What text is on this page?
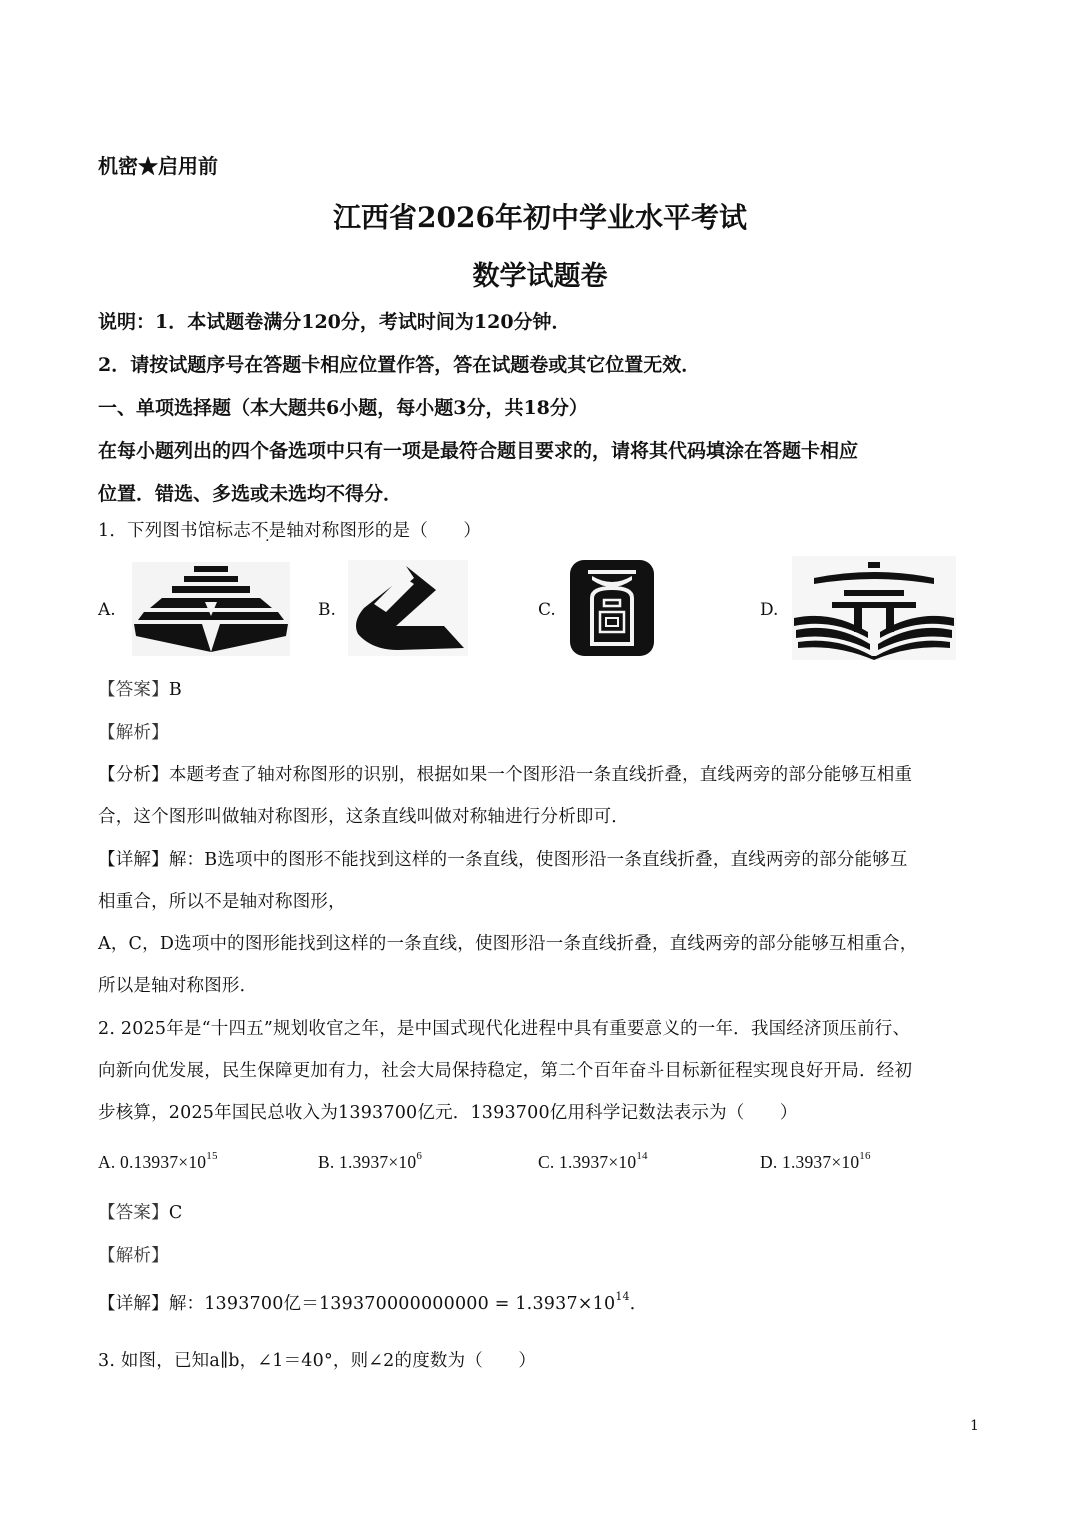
机密★启用前
江西省2026年初中学业水平考试
数学试题卷
说明：1．本试题卷满分120分，考试时间为120分钟．
2．请按试题序号在答题卡相应位置作答，答在试题卷或其它位置无效．
一、单项选择题（本大题共6小题，每小题3分，共18分）
在每小题列出的四个备选项中只有一项是最符合题目要求的，请将其代码填涂在答题卡相应
位置．错选、多选或未选均不得分．
1．下列图书馆标志不是轴对称图形的是（　　）
A.	B.	C.	D.
【答案】B
【解析】
【分析】本题考查了轴对称图形的识别，根据如果一个图形沿一条直线折叠，直线两旁的部分能够互相重
合，这个图形叫做轴对称图形，这条直线叫做对称轴进行分析即可．
【详解】解：B选项中的图形不能找到这样的一条直线，使图形沿一条直线折叠，直线两旁的部分能够互
相重合，所以不是轴对称图形，
A，C，D选项中的图形能找到这样的一条直线，使图形沿一条直线折叠，直线两旁的部分能够互相重合，
所以是轴对称图形．
2. 2025年是“十四五”规划收官之年，是中国式现代化进程中具有重要意义的一年．我国经济顶压前行、
向新向优发展，民生保障更加有力，社会大局保持稳定，第二个百年奋斗目标新征程实现良好开局．经初
步核算，2025年国民总收入为1393700亿元．1393700亿用科学记数法表示为（　　）
A. $0.13937\times 10^{15}$	B. $1.3937\times 10^6$	C. $1.3937\times 10^{14}$	D. $1.3937\times 10^{16}$
【答案】C
【解析】
【详解】解：1393700亿$=139370000000000 = 1.3937\times 10^{14}$．
3. 如图，已知a∥b，∠1＝40°，则∠2的度数为（　　）
1
